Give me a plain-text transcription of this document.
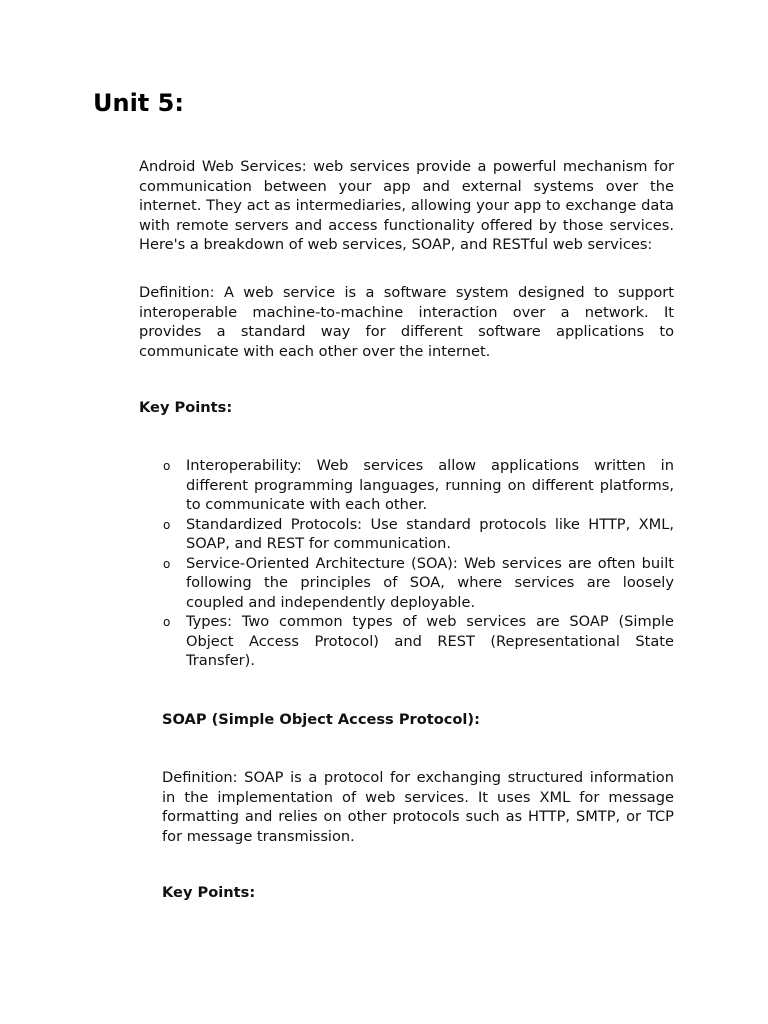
Unit 5:

Android Web Services: web services provide a powerful mechanism for communication between your app and external systems over the internet. They act as intermediaries, allowing your app to exchange data with remote servers and access functionality offered by those services. Here's a breakdown of web services, SOAP, and RESTful web services:

Definition: A web service is a software system designed to support interoperable machine-to-machine interaction over a network. It provides a standard way for different software applications to communicate with each other over the internet.

Key Points:

o Interoperability: Web services allow applications written in different programming languages, running on different platforms, to communicate with each other.
o Standardized Protocols: Use standard protocols like HTTP, XML, SOAP, and REST for communication.
o Service-Oriented Architecture (SOA): Web services are often built following the principles of SOA, where services are loosely coupled and independently deployable.
o Types: Two common types of web services are SOAP (Simple Object Access Protocol) and REST (Representational State Transfer).

SOAP (Simple Object Access Protocol):

Definition: SOAP is a protocol for exchanging structured information in the implementation of web services. It uses XML for message formatting and relies on other protocols such as HTTP, SMTP, or TCP for message transmission.

Key Points:
